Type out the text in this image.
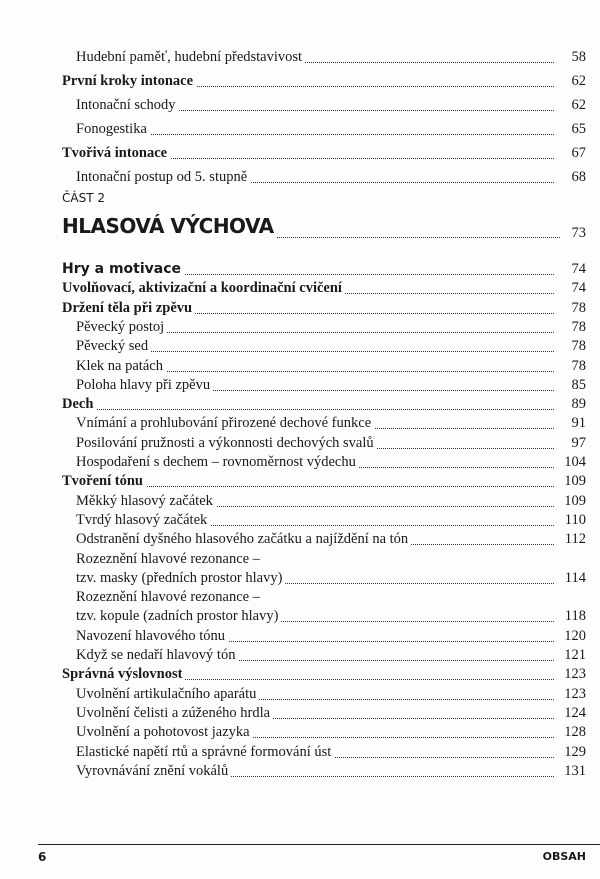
Hudební paměť, hudební představivost	58
První kroky intonace	62
Intonační schody	62
Fonogestika	65
Tvořivá intonace	67
Intonační postup od 5. stupně	68
ČÁST 2
HLASOVÁ VÝCHOVA	73
Hry a motivace	74
Uvolňovací, aktivizační a koordinační cvičení	74
Držení těla při zpěvu	78
Pěvecký postoj	78
Pěvecký sed	78
Klek na patách	78
Poloha hlavy při zpěvu	85
Dech	89
Vnímání a prohlubování přirozené dechové funkce	91
Posilování pružnosti a výkonnosti dechových svalů	97
Hospodaření s dechem – rovnoměrnost výdechu	104
Tvoření tónu	109
Měkký hlasový začátek	109
Tvrdý hlasový začátek	110
Odstranění dyšného hlasového začátku a najíždění na tón	112
Rozeznění hlavové rezonance –
tzv. masky (předních prostor hlavy)	114
Rozeznění hlavové rezonance –
tzv. kopule (zadních prostor hlavy)	118
Navození hlavového tónu	120
Když se nedaří hlavový tón	121
Správná výslovnost	123
Uvolnění artikulačního aparátu	123
Uvolnění čelisti a zúženého hrdla	124
Uvolnění a pohotovost jazyka	128
Elastické napětí rtů a správné formování úst	129
Vyrovnávání znění vokálů	131
6	OBSAH
